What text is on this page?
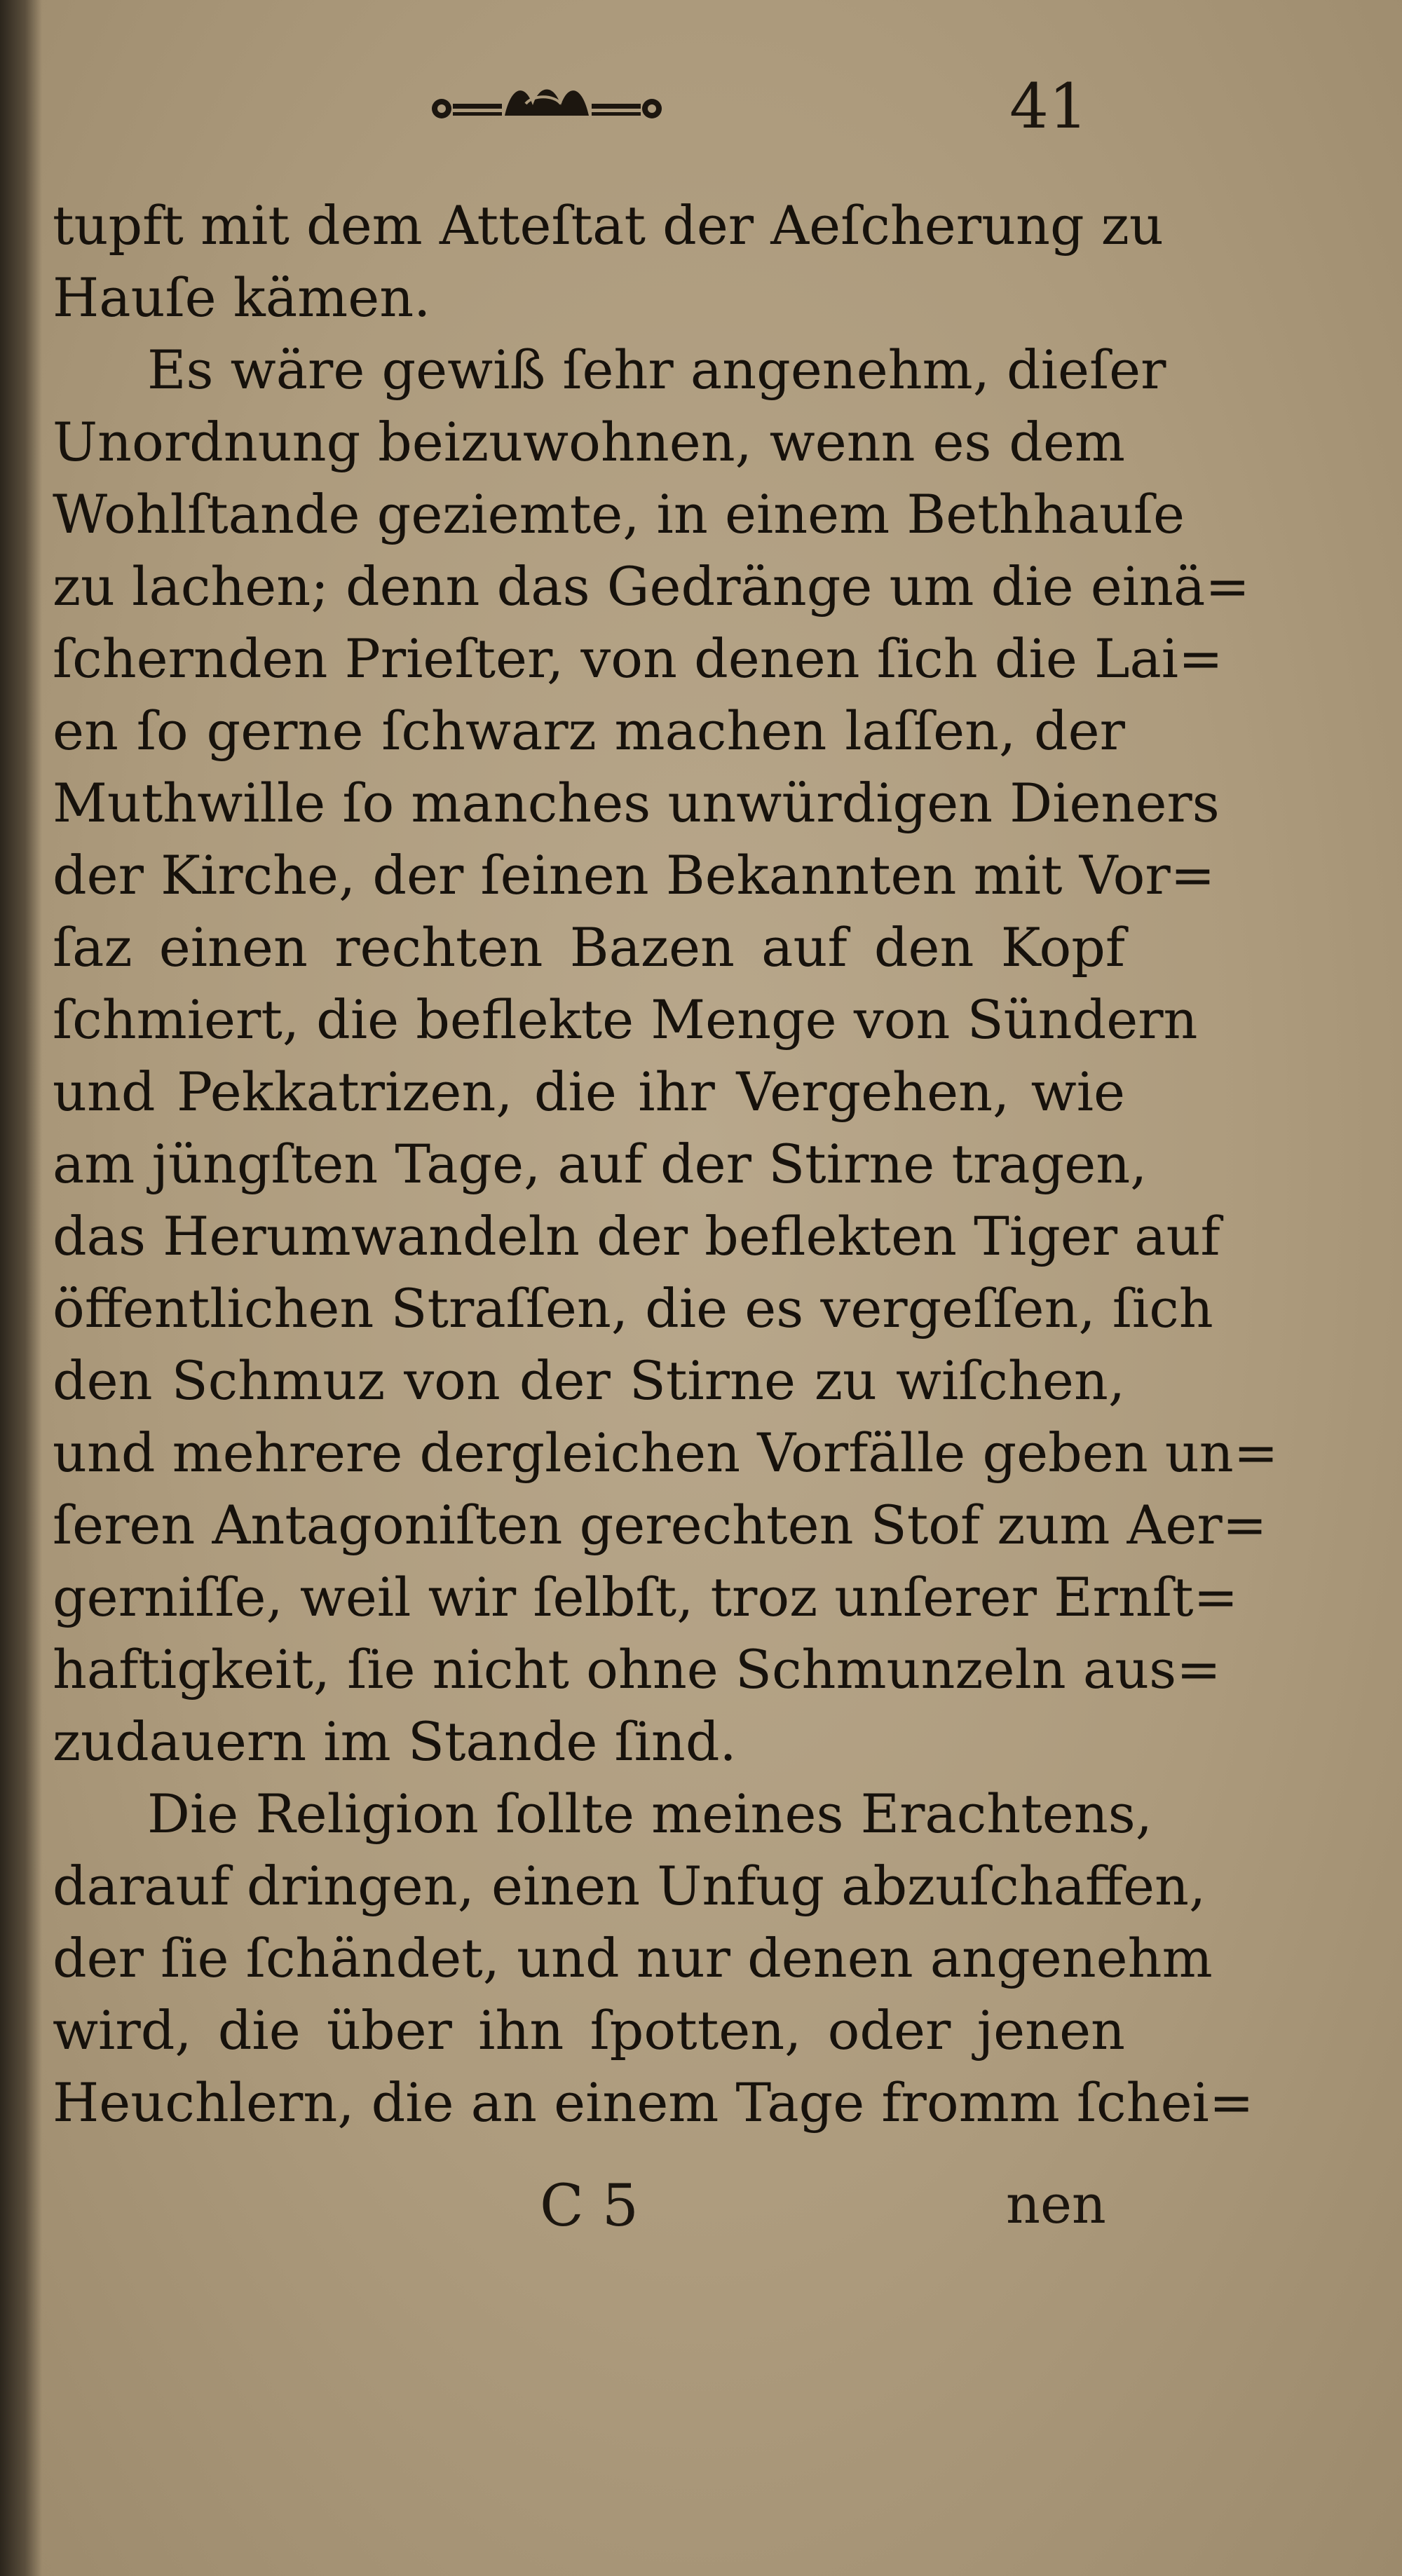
41
tupft mit dem Atteſtat der Aeſcherung zu
Hauſe kämen.
Es wäre gewiß ſehr angenehm, dieſer
Unordnung beizuwohnen, wenn es dem
Wohlſtande geziemte, in einem Bethhauſe
zu lachen; denn das Gedränge um die einä=
ſchernden Prieſter, von denen ſich die Lai=
en ſo gerne ſchwarz machen laſſen, der
Muthwille ſo manches unwürdigen Dieners
der Kirche, der ſeinen Bekannten mit Vor=
ſaz einen rechten Bazen auf den Kopf
ſchmiert, die beflekte Menge von Sündern
und Pekkatrizen, die ihr Vergehen, wie
am jüngſten Tage, auf der Stirne tragen,
das Herumwandeln der beflekten Tiger auf
öffentlichen Straſſen, die es vergeſſen, ſich
den Schmuz von der Stirne zu wiſchen,
und mehrere dergleichen Vorfälle geben un=
ſeren Antagoniſten gerechten Stof zum Aer=
gerniſſe, weil wir ſelbſt, troz unſerer Ernſt=
haftigkeit, ſie nicht ohne Schmunzeln aus=
zudauern im Stande ſind.
Die Religion ſollte meines Erachtens,
darauf dringen, einen Unfug abzuſchaffen,
der ſie ſchändet, und nur denen angenehm
wird, die über ihn ſpotten, oder jenen
Heuchlern, die an einem Tage fromm ſchei=
C 5	nen
